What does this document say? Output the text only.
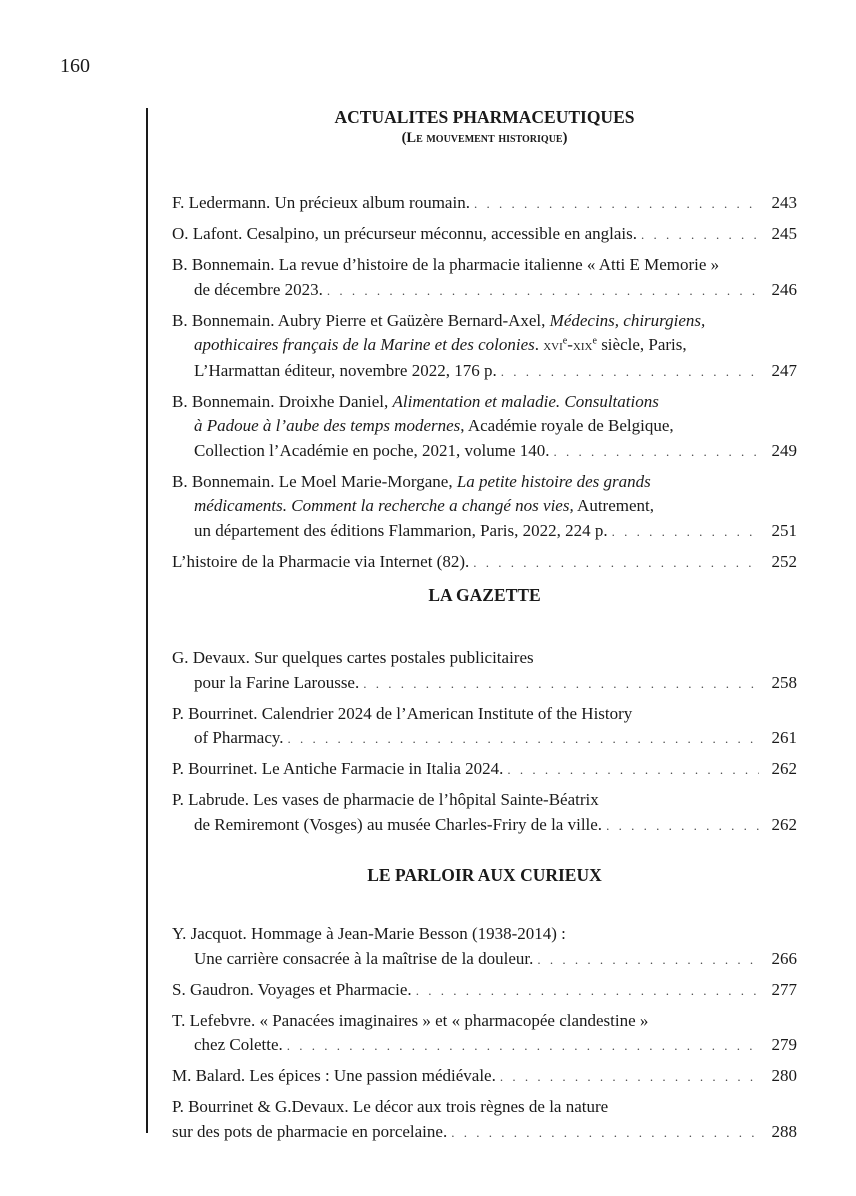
160
ACTUALITES PHARMACEUTIQUES
(Le mouvement historique)
F. Ledermann. Un précieux album roumain. . . .	243
O. Lafont. Cesalpino, un précurseur méconnu, accessible en anglais. . . .	245
B. Bonnemain. La revue d’histoire de la pharmacie italienne « Atti E Memorie »
de décembre 2023. . . .	246
B. Bonnemain. Aubry Pierre et Gaüzère Bernard-Axel, Médecins, chirurgiens,
apothicaires français de la Marine et des colonies. xvi$^e$-xix$^e$ siècle, Paris,
L’Harmattan éditeur, novembre 2022, 176 p. . . .	247
B. Bonnemain. Droixhe Daniel, Alimentation et maladie. Consultations
à Padoue à l’aube des temps modernes, Académie royale de Belgique,
Collection l’Académie en poche, 2021, volume 140. . . .	249
B. Bonnemain. Le Moel Marie-Morgane, La petite histoire des grands
médicaments. Comment la recherche a changé nos vies, Autrement,
un département des éditions Flammarion, Paris, 2022, 224 p. . . .	251
L’histoire de la Pharmacie via Internet (82). . . .	252
LA GAZETTE
G. Devaux. Sur quelques cartes postales publicitaires
pour la Farine Larousse. . . .	258
P. Bourrinet. Calendrier 2024 de l’American Institute of the History
of Pharmacy. . . .	261
P. Bourrinet. Le Antiche Farmacie in Italia 2024. . . .	262
P. Labrude. Les vases de pharmacie de l’hôpital Sainte-Béatrix
de Remiremont (Vosges) au musée Charles-Friry de la ville. . . .	262
LE PARLOIR AUX CURIEUX
Y. Jacquot. Hommage à Jean-Marie Besson (1938-2014) :
Une carrière consacrée à la maîtrise de la douleur. . . .	266
S. Gaudron. Voyages et Pharmacie. . . .	277
T. Lefebvre. « Panacées imaginaires » et « pharmacopée clandestine »
chez Colette. . . .	279
M. Balard. Les épices : Une passion médiévale. . . .	280
P. Bourrinet & G.Devaux. Le décor aux trois règnes de la nature
sur des pots de pharmacie en porcelaine. . . .	288
